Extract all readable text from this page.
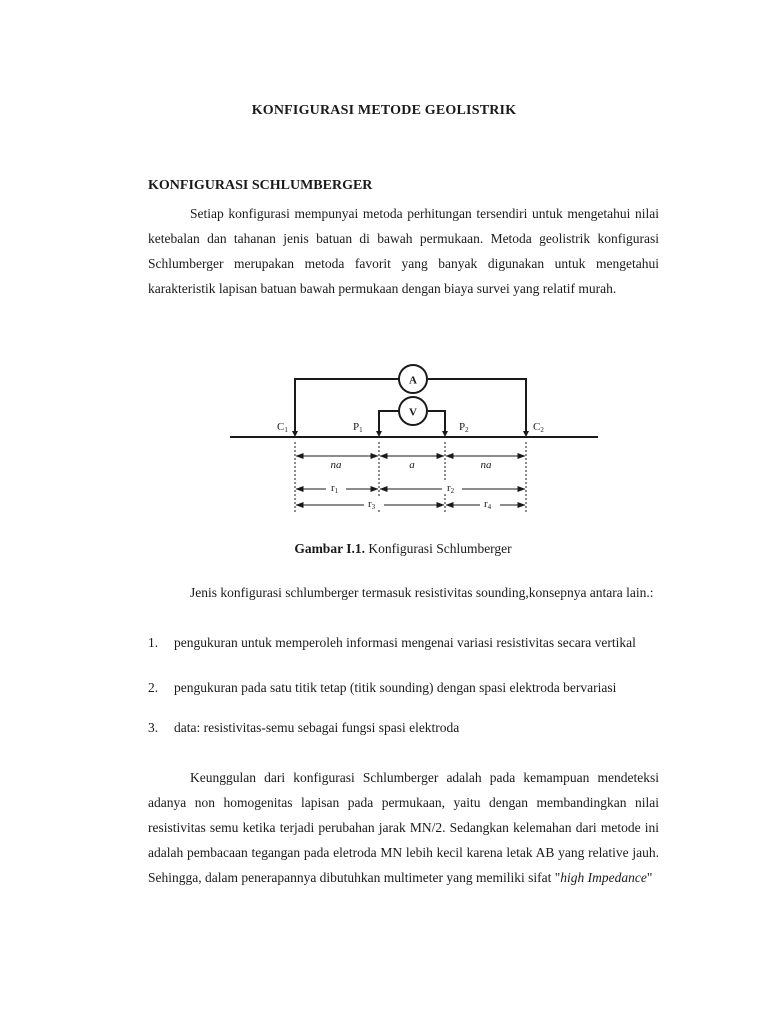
KONFIGURASI METODE GEOLISTRIK
KONFIGURASI SCHLUMBERGER

Setiap konfigurasi mempunyai metoda perhitungan tersendiri untuk mengetahui nilai ketebalan dan tahanan jenis batuan di bawah permukaan. Metoda geolistrik konfigurasi Schlumberger merupakan metoda favorit yang banyak digunakan untuk mengetahui karakteristik lapisan batuan bawah permukaan dengan biaya survei yang relatif murah.

A
V
C1	P1	P2	C2
na	a	na
r1	r2
r3	r4
Gambar I.1. Konfigurasi Schlumberger

Jenis konfigurasi schlumberger termasuk resistivitas sounding,konsepnya antara lain.:

1. pengukuran untuk memperoleh informasi mengenai variasi resistivitas secara vertikal
2. pengukuran pada satu titik tetap (titik sounding) dengan spasi elektroda bervariasi
3. data: resistivitas-semu sebagai fungsi spasi elektroda

Keunggulan dari konfigurasi Schlumberger adalah pada kemampuan mendeteksi adanya non homogenitas lapisan pada permukaan, yaitu dengan membandingkan nilai resistivitas semu ketika terjadi perubahan jarak MN/2. Sedangkan kelemahan dari metode ini adalah pembacaan tegangan pada eletroda MN lebih kecil karena letak AB yang relative jauh. Sehingga, dalam penerapannya dibutuhkan multimeter yang memiliki sifat "high Impedance"
